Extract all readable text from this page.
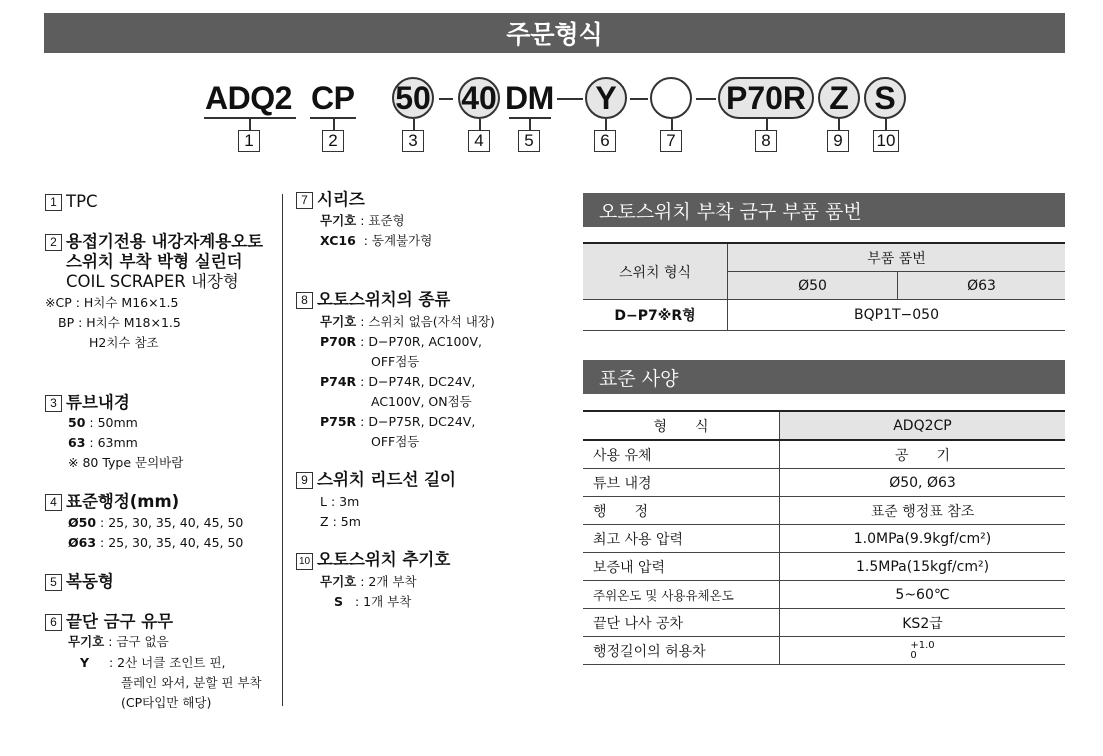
주문형식
ADQ2 CP 50 40 DM	Y	P70R Z S
1	2	3	4	5	6	7	8	9	10
1 TPC
2 용접기전용 내강자계용오토
스위치 부착 박형 실린더
COIL SCRAPER 내장형
※CP : H치수 M16×1.5
BP : H치수 M18×1.5
H2치수 참조
3 튜브내경
50 : 50mm
63 : 63mm
※ 80 Type 문의바람
4 표준행정(mm)
Ø50 : 25, 30, 35, 40, 45, 50
Ø63 : 25, 30, 35, 40, 45, 50
5 복동형
6 끝단 금구 유무
무기호 : 금구 없음
Y : 2산 너클 조인트 핀,
플레인 와셔, 분할 핀 부착
(CP타입만 해당)
7 시리즈
무기호 : 표준형
XC16 : 동계불가형
8 오토스위치의 종류
무기호 : 스위치 없음(자석 내장)
P70R : D−P70R, AC100V,
OFF점등
P74R : D−P74R, DC24V,
AC100V, ON점등
P75R : D−P75R, DC24V,
OFF점등
9 스위치 리드선 길이
L : 3m
Z : 5m
10 오토스위치 추기호
무기호 : 2개 부착
S : 1개 부착
오토스위치 부착 금구 부품 품번
스위치 형식	부품 품번	
	Ø50	Ø63
D−P7※R형	BQP1T−050	
표준 사양
형　　식	ADQ2CP
사용 유체	공　　기
튜브 내경	Ø50, Ø63
행　　정	표준 행정표 참조
최고 사용 압력	1.0MPa(9.9kgf/cm²)
보증내 압력	1.5MPa(15kgf/cm²)
주위온도 및 사용유체온도	5~60℃
끝단 나사 공차	KS2급
행정길이의 허용차	+1.0
0
